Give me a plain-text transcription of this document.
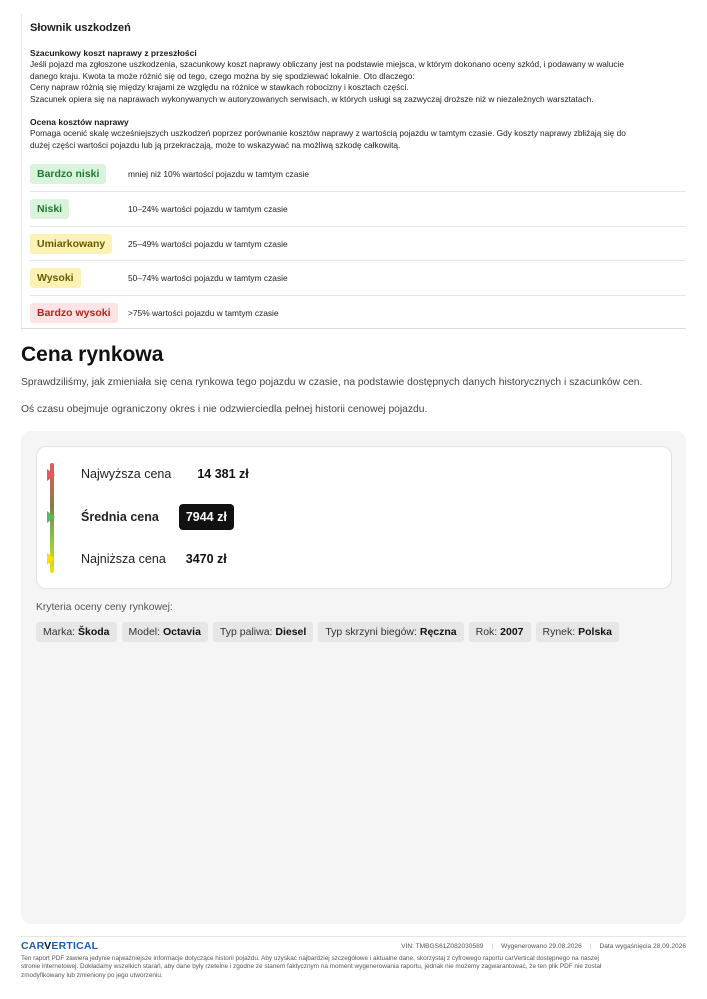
Słownik uszkodzeń
Szacunkowy koszt naprawy z przeszłości
Jeśli pojazd ma zgłoszone uszkodzenia, szacunkowy koszt naprawy obliczany jest na podstawie miejsca, w którym dokonano oceny szkód, i podawany w walucie
danego kraju. Kwota ta może różnić się od tego, czego można by się spodziewać lokalnie. Oto dlaczego:
Ceny napraw różnią się między krajami ze względu na różnice w stawkach robocizny i kosztach części.
Szacunek opiera się na naprawach wykonywanych w autoryzowanych serwisach, w których usługi są zazwyczaj droższe niż w niezależnych warsztatach.
Ocena kosztów naprawy
Pomaga ocenić skalę wcześniejszych uszkodzeń poprzez porównanie kosztów naprawy z wartością pojazdu w tamtym czasie. Gdy koszty naprawy zbliżają się do
dużej części wartości pojazdu lub ją przekraczają, może to wskazywać na możliwą szkodę całkowitą.
Bardzo niski	mniej niż 10% wartości pojazdu w tamtym czasie
Niski	10–24% wartości pojazdu w tamtym czasie
Umiarkowany	25–49% wartości pojazdu w tamtym czasie
Wysoki	50–74% wartości pojazdu w tamtym czasie
Bardzo wysoki	>75% wartości pojazdu w tamtym czasie
Cena rynkowa

Sprawdziliśmy, jak zmieniała się cena rynkowa tego pojazdu w czasie, na podstawie dostępnych danych historycznych i szacunków cen.

Oś czasu obejmuje ograniczony okres i nie odzwierciedla pełnej historii cenowej pojazdu.

Najwyższa cena 14 381 zł
Średnia cena	7944 zł
Najniższa cena 3470 zł
Kryteria oceny ceny rynkowej:
Marka: Škoda	Model: Octavia	Typ paliwa: Diesel	Typ skrzyni biegów: Ręczna	Rok: 2007	Rynek: Polska
CARVERTICAL	VIN: TMBGS61Z082030589 | Wygenerowano 29.08.2026 | Data wygaśnięcia 28.09.2026
Ten raport PDF zawiera jedynie najważniejsze informacje dotyczące historii pojazdu. Aby uzyskać najbardziej szczegółowe i aktualne dane, skorzystaj z cyfrowego raportu carVertical dostępnego na naszej
stronie internetowej. Dokładamy wszelkich starań, aby dane były rzetelne i zgodne ze stanem faktycznym na moment wygenerowania raportu, jednak nie możemy zagwarantować, że ten plik PDF nie został
zmodyfikowany lub zmieniony po jego utworzeniu.
